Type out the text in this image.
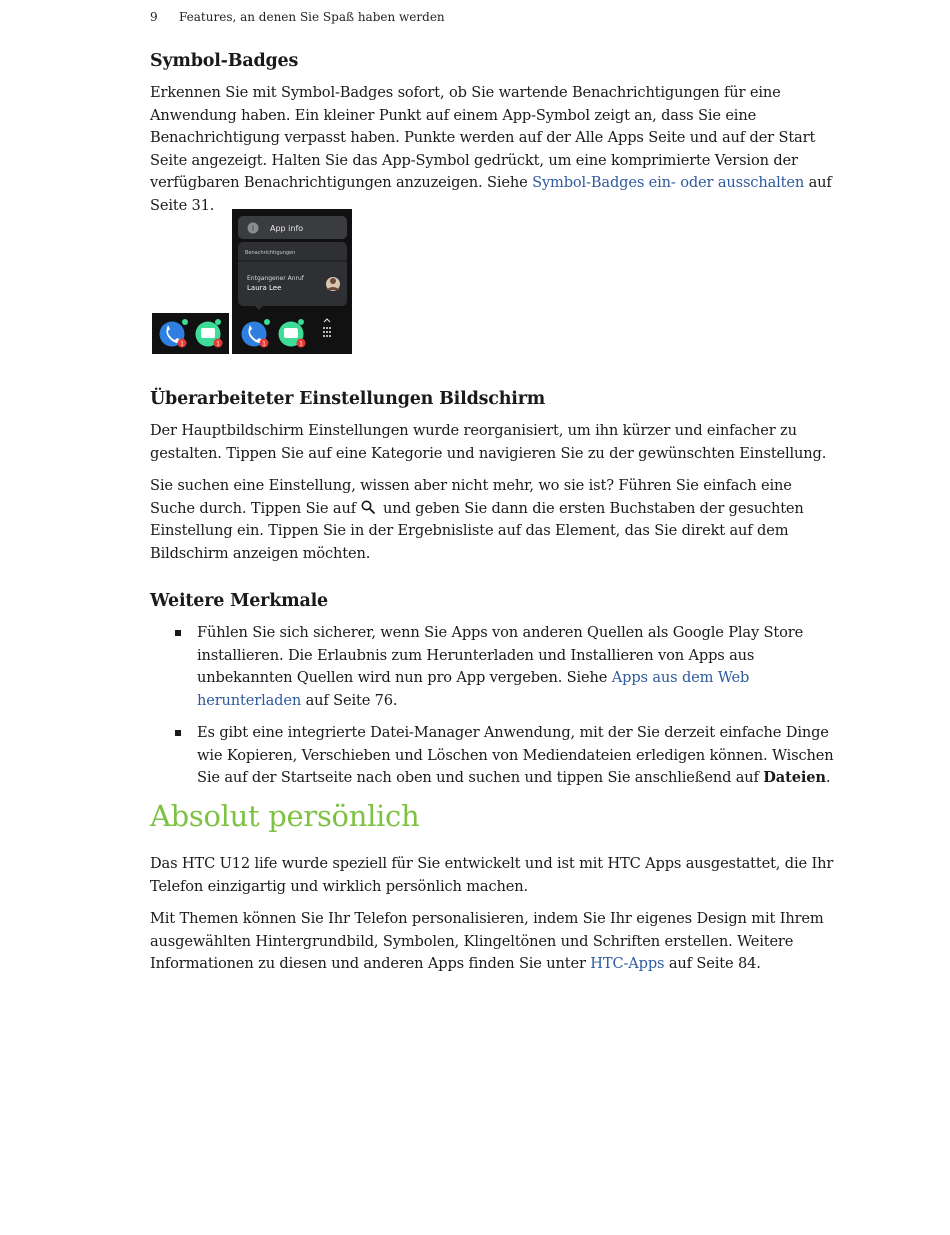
9 Features, an denen Sie Spaß haben werden
Symbol-Badges

Erkennen Sie mit Symbol-Badges sofort, ob Sie wartende Benachrichtigungen für eine Anwendung haben. Ein kleiner Punkt auf einem App-Symbol zeigt an, dass Sie eine Benachrichtigung verpasst haben. Punkte werden auf der Alle Apps Seite und auf der Start Seite angezeigt. Halten Sie das App-Symbol gedrückt, um eine komprimierte Version der verfügbaren Benachrichtigungen anzuzeigen. Siehe Symbol-Badges ein- oder ausschalten auf Seite 31.

1	1
i App info
Benachrichtigungen
Entgangener Anruf
Laura Lee
1	1
Überarbeiteter Einstellungen Bildschirm

Der Hauptbildschirm Einstellungen wurde reorganisiert, um ihn kürzer und einfacher zu gestalten. Tippen Sie auf eine Kategorie und navigieren Sie zu der gewünschten Einstellung.

Sie suchen eine Einstellung, wissen aber nicht mehr, wo sie ist? Führen Sie einfach eine Suche durch. Tippen Sie auf  und geben Sie dann die ersten Buchstaben der gesuchten Einstellung ein. Tippen Sie in der Ergebnisliste auf das Element, das Sie direkt auf dem Bildschirm anzeigen möchten.

Weitere Merkmale
Fühlen Sie sich sicherer, wenn Sie Apps von anderen Quellen als Google Play Store installieren. Die Erlaubnis zum Herunterladen und Installieren von Apps aus unbekannten Quellen wird nun pro App vergeben. Siehe Apps aus dem Web herunterladen auf Seite 76.
Es gibt eine integrierte Datei-Manager Anwendung, mit der Sie derzeit einfache Dinge wie Kopieren, Verschieben und Löschen von Mediendateien erledigen können. Wischen Sie auf der Startseite nach oben und suchen und tippen Sie anschließend auf Dateien.
Absolut persönlich

Das HTC U12 life wurde speziell für Sie entwickelt und ist mit HTC Apps ausgestattet, die Ihr Telefon einzigartig und wirklich persönlich machen.

Mit Themen können Sie Ihr Telefon personalisieren, indem Sie Ihr eigenes Design mit Ihrem ausgewählten Hintergrundbild, Symbolen, Klingeltönen und Schriften erstellen. Weitere Informationen zu diesen und anderen Apps finden Sie unter HTC-Apps auf Seite 84.
